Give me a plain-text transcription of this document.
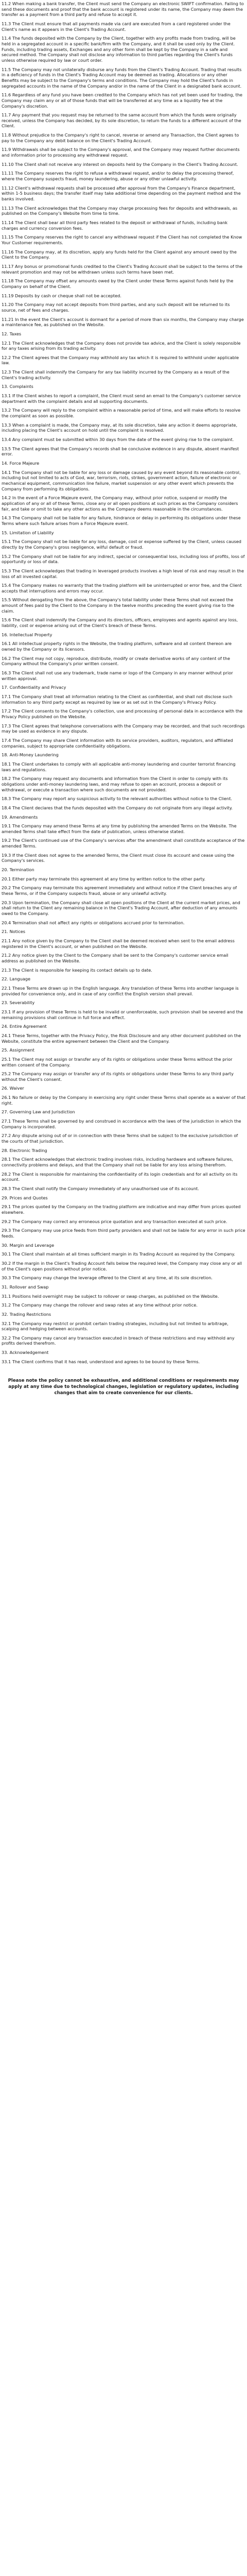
11.2 When making a bank transfer, the Client must send the Company an electronic SWIFT confirmation. Failing to send these documents and proof that the bank account is registered under its name, the Company may deem the transfer as a payment from a third party and refuse to accept it.

11.3 The Client must ensure that all payments made via card are executed from a card registered under the Client's name as it appears in the Client's Trading Account.

11.4 The funds deposited with the Company by the Client, together with any profits made from trading, will be held in a segregated account in a specific bank/firm with the Company, and it shall be used only by the Client. Funds, including trading assets, Exchanges and any other form shall be kept by the Company in a safe and secured method. The Company shall not disclose any information to third parties regarding the Client's funds unless otherwise required by law or court order.

11.5 The Company may not unilaterally disburse any funds from the Client's Trading Account. Trading that results in a deficiency of funds in the Client's Trading Account may be deemed as trading. Allocations or any other Benefits may be subject to the Company's terms and conditions. The Company may hold the Client's funds in segregated accounts in the name of the Company and/or in the name of the Client in a designated bank account.

11.6 Regardless of any fund you have been credited to the Company which has not yet been used for trading, the Company may claim any or all of those funds that will be transferred at any time as a liquidity fee at the Company's discretion.

11.7 Any payment that you request may be returned to the same account from which the funds were originally received, unless the Company has decided, by its sole discretion, to return the funds to a different account of the Client.

11.8 Without prejudice to the Company's right to cancel, reverse or amend any Transaction, the Client agrees to pay to the Company any debit balance on the Client's Trading Account.

11.9 Withdrawals shall be subject to the Company's approval, and the Company may request further documents and information prior to processing any withdrawal request.

11.10 The Client shall not receive any interest on deposits held by the Company in the Client's Trading Account.

11.11 The Company reserves the right to refuse a withdrawal request, and/or to delay the processing thereof, where the Company suspects fraud, money laundering, abuse or any other unlawful activity.

11.12 Client's withdrawal requests shall be processed after approval from the Company's Finance department, within 1-5 business days; the transfer itself may take additional time depending on the payment method and the banks involved.

11.13 The Client acknowledges that the Company may charge processing fees for deposits and withdrawals, as published on the Company's Website from time to time.

11.14 The Client shall bear all third party fees related to the deposit or withdrawal of funds, including bank charges and currency conversion fees.

11.15 The Company reserves the right to cancel any withdrawal request if the Client has not completed the Know Your Customer requirements.

11.16 The Company may, at its discretion, apply any funds held for the Client against any amount owed by the Client to the Company.

11.17 Any bonus or promotional funds credited to the Client's Trading Account shall be subject to the terms of the relevant promotion and may not be withdrawn unless such terms have been met.

11.18 The Company may offset any amounts owed by the Client under these Terms against funds held by the Company on behalf of the Client.

11.19 Deposits by cash or cheque shall not be accepted.

11.20 The Company may not accept deposits from third parties, and any such deposit will be returned to its source, net of fees and charges.

11.21 In the event the Client's account is dormant for a period of more than six months, the Company may charge a maintenance fee, as published on the Website.

12. Taxes

12.1 The Client acknowledges that the Company does not provide tax advice, and the Client is solely responsible for any taxes arising from its trading activity.

12.2 The Client agrees that the Company may withhold any tax which it is required to withhold under applicable law.

12.3 The Client shall indemnify the Company for any tax liability incurred by the Company as a result of the Client's trading activity.

13. Complaints

13.1 If the Client wishes to report a complaint, the Client must send an email to the Company's customer service department with the complaint details and all supporting documents.

13.2 The Company will reply to the complaint within a reasonable period of time, and will make efforts to resolve the complaint as soon as possible.

13.3 When a complaint is made, the Company may, at its sole discretion, take any action it deems appropriate, including placing the Client's account on hold until the complaint is resolved.

13.4 Any complaint must be submitted within 30 days from the date of the event giving rise to the complaint.

13.5 The Client agrees that the Company's records shall be conclusive evidence in any dispute, absent manifest error.

14. Force Majeure

14.1 The Company shall not be liable for any loss or damage caused by any event beyond its reasonable control, including but not limited to acts of God, war, terrorism, riots, strikes, government action, failure of electronic or mechanical equipment, communication line failure, market suspension or any other event which prevents the Company from performing its obligations.

14.2 In the event of a Force Majeure event, the Company may, without prior notice, suspend or modify the application of any or all of these Terms, close any or all open positions at such prices as the Company considers fair, and take or omit to take any other actions as the Company deems reasonable in the circumstances.

14.3 The Company shall not be liable for any failure, hindrance or delay in performing its obligations under these Terms where such failure arises from a Force Majeure event.

15. Limitation of Liability

15.1 The Company shall not be liable for any loss, damage, cost or expense suffered by the Client, unless caused directly by the Company's gross negligence, wilful default or fraud.

15.2 The Company shall not be liable for any indirect, special or consequential loss, including loss of profits, loss of opportunity or loss of data.

15.3 The Client acknowledges that trading in leveraged products involves a high level of risk and may result in the loss of all invested capital.

15.4 The Company makes no warranty that the trading platform will be uninterrupted or error free, and the Client accepts that interruptions and errors may occur.

15.5 Without derogating from the above, the Company's total liability under these Terms shall not exceed the amount of fees paid by the Client to the Company in the twelve months preceding the event giving rise to the claim.

15.6 The Client shall indemnify the Company and its directors, officers, employees and agents against any loss, liability, cost or expense arising out of the Client's breach of these Terms.

16. Intellectual Property

16.1 All intellectual property rights in the Website, the trading platform, software and all content thereon are owned by the Company or its licensors.

16.2 The Client may not copy, reproduce, distribute, modify or create derivative works of any content of the Company without the Company's prior written consent.

16.3 The Client shall not use any trademark, trade name or logo of the Company in any manner without prior written approval.

17. Confidentiality and Privacy

17.1 The Company shall treat all information relating to the Client as confidential, and shall not disclose such information to any third party except as required by law or as set out in the Company's Privacy Policy.

17.2 The Client consents to the Company's collection, use and processing of personal data in accordance with the Privacy Policy published on the Website.

17.3 The Client agrees that telephone conversations with the Company may be recorded, and that such recordings may be used as evidence in any dispute.

17.4 The Company may share Client information with its service providers, auditors, regulators, and affiliated companies, subject to appropriate confidentiality obligations.

18. Anti-Money Laundering

18.1 The Client undertakes to comply with all applicable anti-money laundering and counter terrorist financing laws and regulations.

18.2 The Company may request any documents and information from the Client in order to comply with its obligations under anti-money laundering laws, and may refuse to open an account, process a deposit or withdrawal, or execute a transaction where such documents are not provided.

18.3 The Company may report any suspicious activity to the relevant authorities without notice to the Client.

18.4 The Client declares that the funds deposited with the Company do not originate from any illegal activity.

19. Amendments

19.1 The Company may amend these Terms at any time by publishing the amended Terms on the Website. The amended Terms shall take effect from the date of publication, unless otherwise stated.

19.2 The Client's continued use of the Company's services after the amendment shall constitute acceptance of the amended Terms.

19.3 If the Client does not agree to the amended Terms, the Client must close its account and cease using the Company's services.

20. Termination

20.1 Either party may terminate this agreement at any time by written notice to the other party.

20.2 The Company may terminate this agreement immediately and without notice if the Client breaches any of these Terms, or if the Company suspects fraud, abuse or any unlawful activity.

20.3 Upon termination, the Company shall close all open positions of the Client at the current market prices, and shall return to the Client any remaining balance in the Client's Trading Account, after deduction of any amounts owed to the Company.

20.4 Termination shall not affect any rights or obligations accrued prior to termination.

21. Notices

21.1 Any notice given by the Company to the Client shall be deemed received when sent to the email address registered in the Client's account, or when published on the Website.

21.2 Any notice given by the Client to the Company shall be sent to the Company's customer service email address as published on the Website.

21.3 The Client is responsible for keeping its contact details up to date.

22. Language

22.1 These Terms are drawn up in the English language. Any translation of these Terms into another language is provided for convenience only, and in case of any conflict the English version shall prevail.

23. Severability

23.1 If any provision of these Terms is held to be invalid or unenforceable, such provision shall be severed and the remaining provisions shall continue in full force and effect.

24. Entire Agreement

24.1 These Terms, together with the Privacy Policy, the Risk Disclosure and any other document published on the Website, constitute the entire agreement between the Client and the Company.

25. Assignment

25.1 The Client may not assign or transfer any of its rights or obligations under these Terms without the prior written consent of the Company.

25.2 The Company may assign or transfer any of its rights or obligations under these Terms to any third party without the Client's consent.

26. Waiver

26.1 No failure or delay by the Company in exercising any right under these Terms shall operate as a waiver of that right.

27. Governing Law and Jurisdiction

27.1 These Terms shall be governed by and construed in accordance with the laws of the jurisdiction in which the Company is incorporated.

27.2 Any dispute arising out of or in connection with these Terms shall be subject to the exclusive jurisdiction of the courts of that jurisdiction.

28. Electronic Trading

28.1 The Client acknowledges that electronic trading involves risks, including hardware and software failures, connectivity problems and delays, and that the Company shall not be liable for any loss arising therefrom.

28.2 The Client is responsible for maintaining the confidentiality of its login credentials and for all activity on its account.

28.3 The Client shall notify the Company immediately of any unauthorised use of its account.

29. Prices and Quotes

29.1 The prices quoted by the Company on the trading platform are indicative and may differ from prices quoted elsewhere.

29.2 The Company may correct any erroneous price quotation and any transaction executed at such price.

29.3 The Company may use price feeds from third party providers and shall not be liable for any error in such price feeds.

30. Margin and Leverage

30.1 The Client shall maintain at all times sufficient margin in its Trading Account as required by the Company.

30.2 If the margin in the Client's Trading Account falls below the required level, the Company may close any or all of the Client's open positions without prior notice.

30.3 The Company may change the leverage offered to the Client at any time, at its sole discretion.

31. Rollover and Swap

31.1 Positions held overnight may be subject to rollover or swap charges, as published on the Website.

31.2 The Company may change the rollover and swap rates at any time without prior notice.

32. Trading Restrictions

32.1 The Company may restrict or prohibit certain trading strategies, including but not limited to arbitrage, scalping and hedging between accounts.

32.2 The Company may cancel any transaction executed in breach of these restrictions and may withhold any profits derived therefrom.

33. Acknowledgement

33.1 The Client confirms that it has read, understood and agrees to be bound by these Terms.

Please note the policy cannot be exhaustive, and additional conditions or requirements may apply at any time due to technological changes, legislation or regulatory updates, including changes that aim to create convenience for our clients.
